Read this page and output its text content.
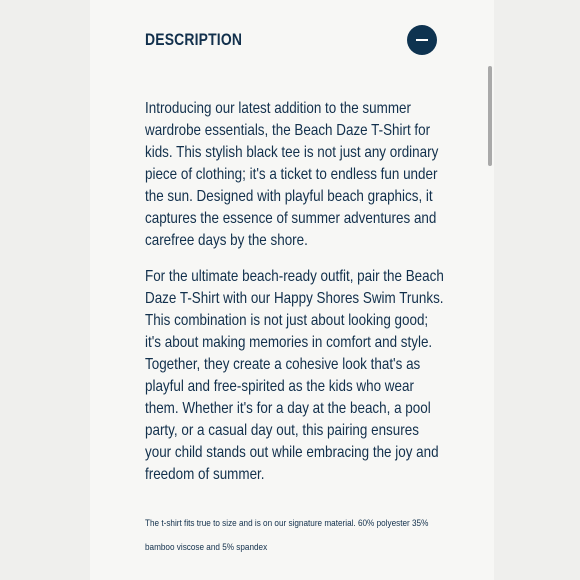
DESCRIPTION

Introducing our latest addition to the summer wardrobe essentials, the Beach Daze T-Shirt for kids. This stylish black tee is not just any ordinary piece of clothing; it's a ticket to endless fun under the sun. Designed with playful beach graphics, it captures the essence of summer adventures and carefree days by the shore.

For the ultimate beach-ready outfit, pair the Beach Daze T-Shirt with our Happy Shores Swim Trunks. This combination is not just about looking good; it's about making memories in comfort and style. Together, they create a cohesive look that's as playful and free-spirited as the kids who wear them. Whether it's for a day at the beach, a pool party, or a casual day out, this pairing ensures your child stands out while embracing the joy and freedom of summer.

The t-shirt fits true to size and is on our signature material. 60% polyester 35% bamboo viscose and 5% spandex
